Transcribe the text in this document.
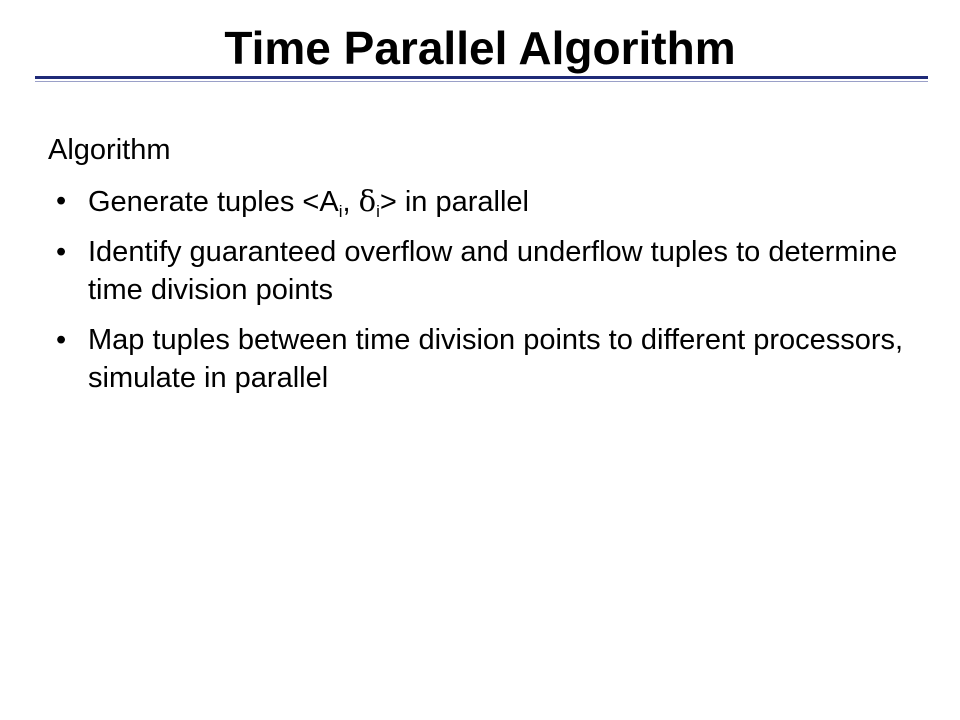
Time Parallel Algorithm

Algorithm

• Generate tuples $<A_i$, $\delta_i>$ in parallel
• Identify guaranteed overflow and underflow tuples to determine time division points
• Map tuples between time division points to different processors, simulate in parallel
